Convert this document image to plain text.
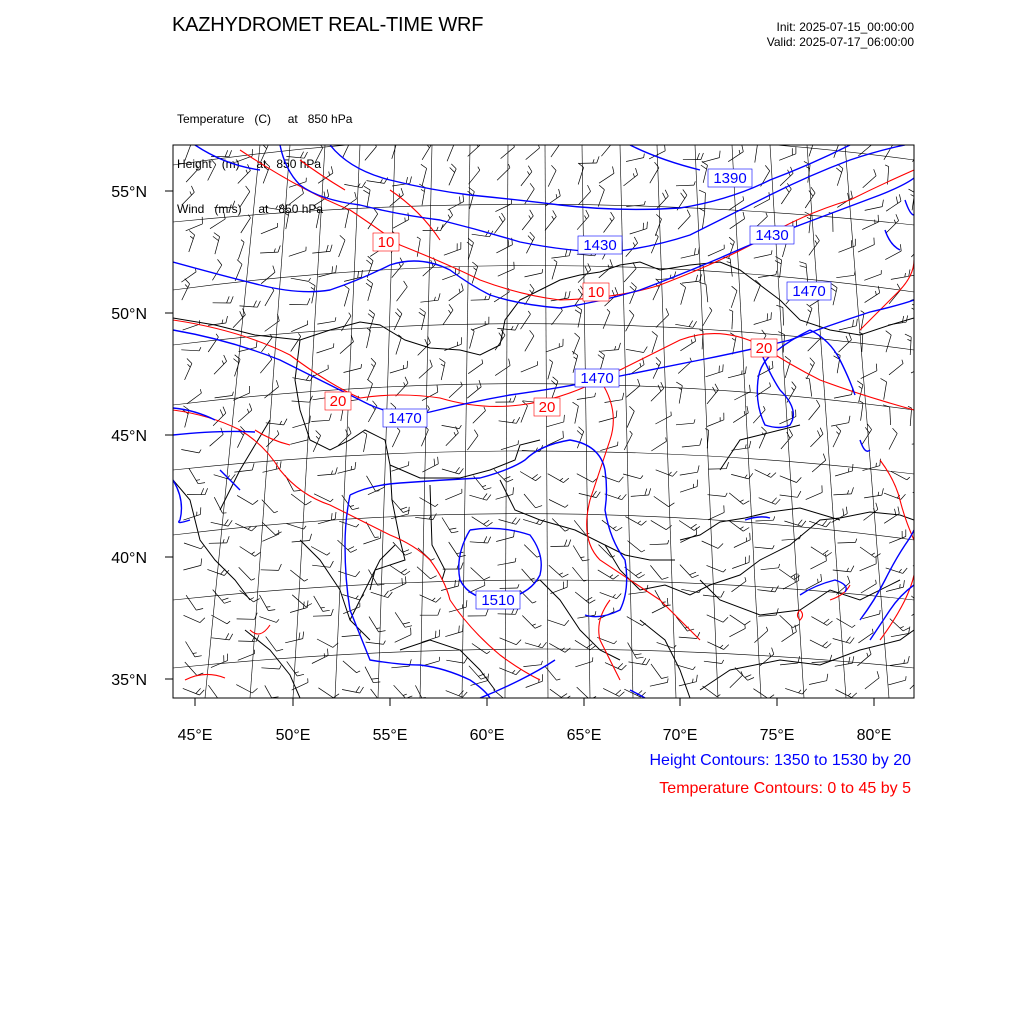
KAZHYDROMET REAL-TIME WRF	Init: 2025-07-15_00:00:00
Valid: 2025-07-17_06:00:00

Temperature   (C)     at   850 hPa

Height   (m)     at   850 hPa

Wind   (m/s)     at   850 hPa

1390
1430
1430
1470
1470
1470
1510
10
10
20	20
20
55°N
50°N
45°N
40°N
35°N
45°E	50°E	55°E	60°E	65°E	70°E	75°E	80°E
Height Contours: 1350 to 1530 by 20
Temperature Contours: 0 to 45 by 5
